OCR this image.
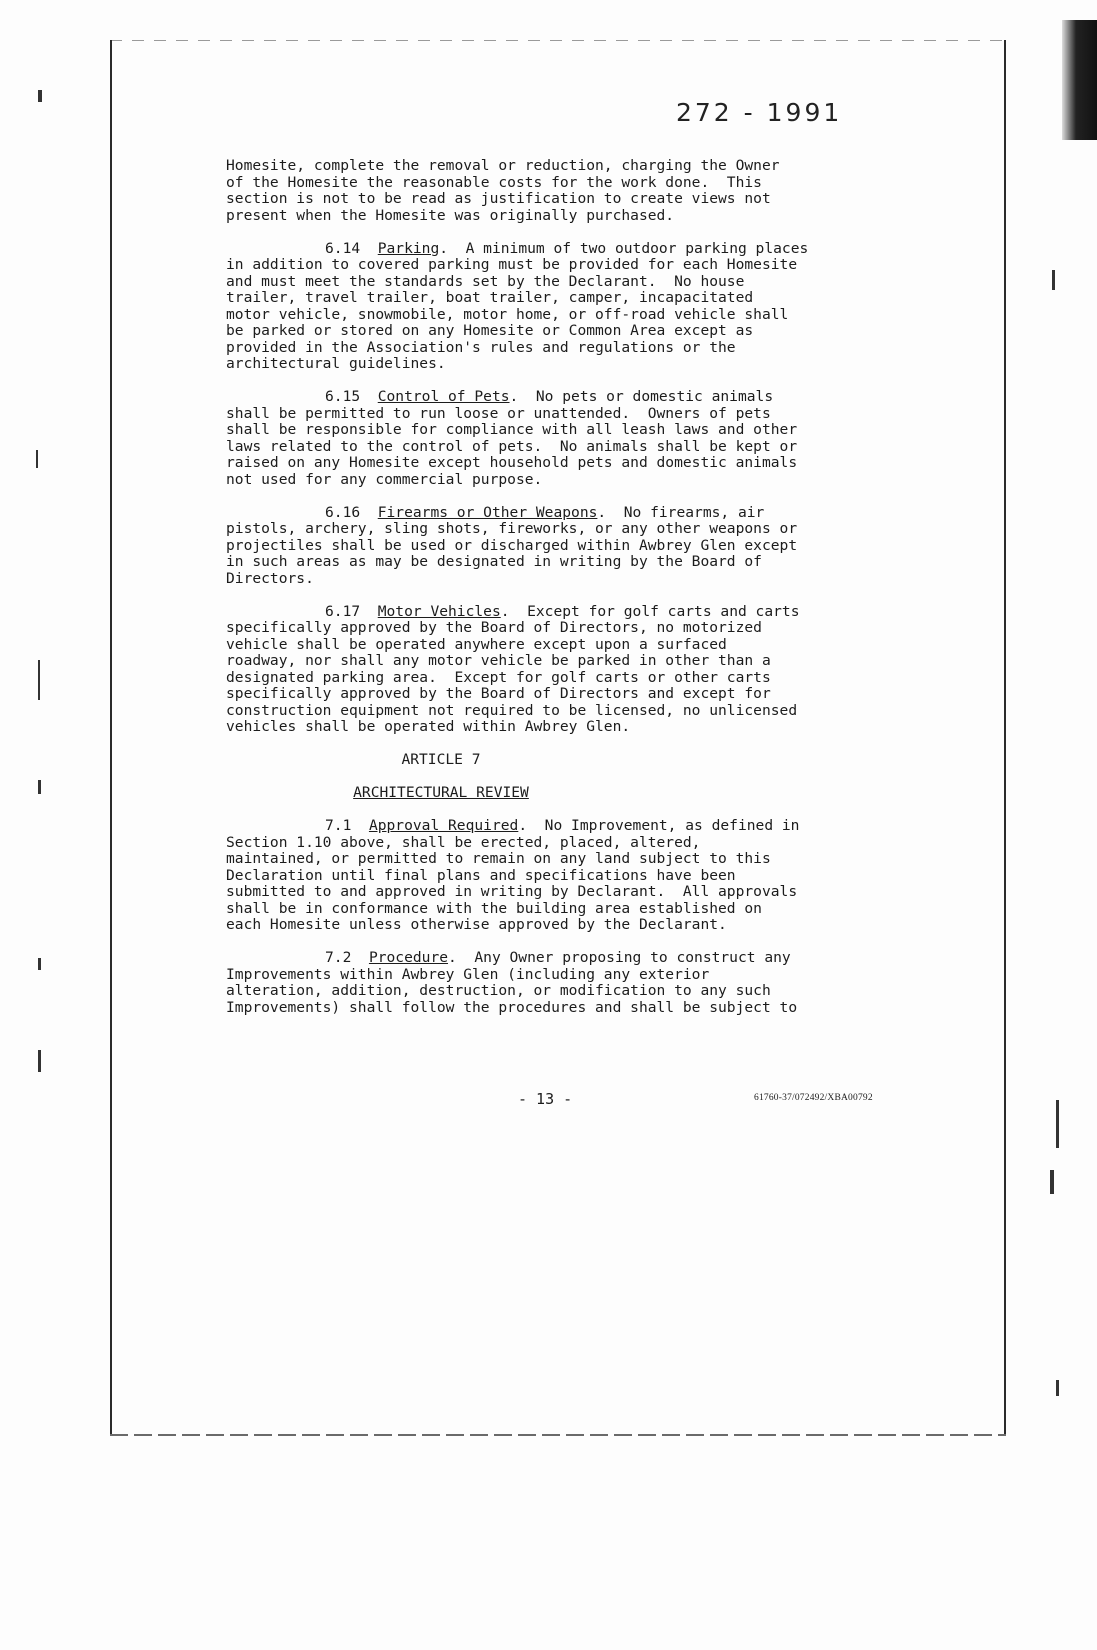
272 - 1991
Homesite, complete the removal or reduction, charging the Owner
of the Homesite the reasonable costs for the work done.  This
section is not to be read as justification to create views not
present when the Homesite was originally purchased.
6.14 Parking.  A minimum of two outdoor parking places
in addition to covered parking must be provided for each Homesite
and must meet the standards set by the Declarant.  No house
trailer, travel trailer, boat trailer, camper, incapacitated
motor vehicle, snowmobile, motor home, or off-road vehicle shall
be parked or stored on any Homesite or Common Area except as
provided in the Association's rules and regulations or the
architectural guidelines.
6.15 Control of Pets.  No pets or domestic animals
shall be permitted to run loose or unattended.  Owners of pets
shall be responsible for compliance with all leash laws and other
laws related to the control of pets.  No animals shall be kept or
raised on any Homesite except household pets and domestic animals
not used for any commercial purpose.
6.16 Firearms or Other Weapons.  No firearms, air
pistols, archery, sling shots, fireworks, or any other weapons or
projectiles shall be used or discharged within Awbrey Glen except
in such areas as may be designated in writing by the Board of
Directors.
6.17 Motor Vehicles.  Except for golf carts and carts
specifically approved by the Board of Directors, no motorized
vehicle shall be operated anywhere except upon a surfaced
roadway, nor shall any motor vehicle be parked in other than a
designated parking area.  Except for golf carts or other carts
specifically approved by the Board of Directors and except for
construction equipment not required to be licensed, no unlicensed
vehicles shall be operated within Awbrey Glen.
ARTICLE 7
ARCHITECTURAL REVIEW
7.1 Approval Required.  No Improvement, as defined in
Section 1.10 above, shall be erected, placed, altered,
maintained, or permitted to remain on any land subject to this
Declaration until final plans and specifications have been
submitted to and approved in writing by Declarant.  All approvals
shall be in conformance with the building area established on
each Homesite unless otherwise approved by the Declarant.
7.2 Procedure.  Any Owner proposing to construct any
Improvements within Awbrey Glen (including any exterior
alteration, addition, destruction, or modification to any such
Improvements) shall follow the procedures and shall be subject to
- 13 -	61760-37/072492/XBA00792
